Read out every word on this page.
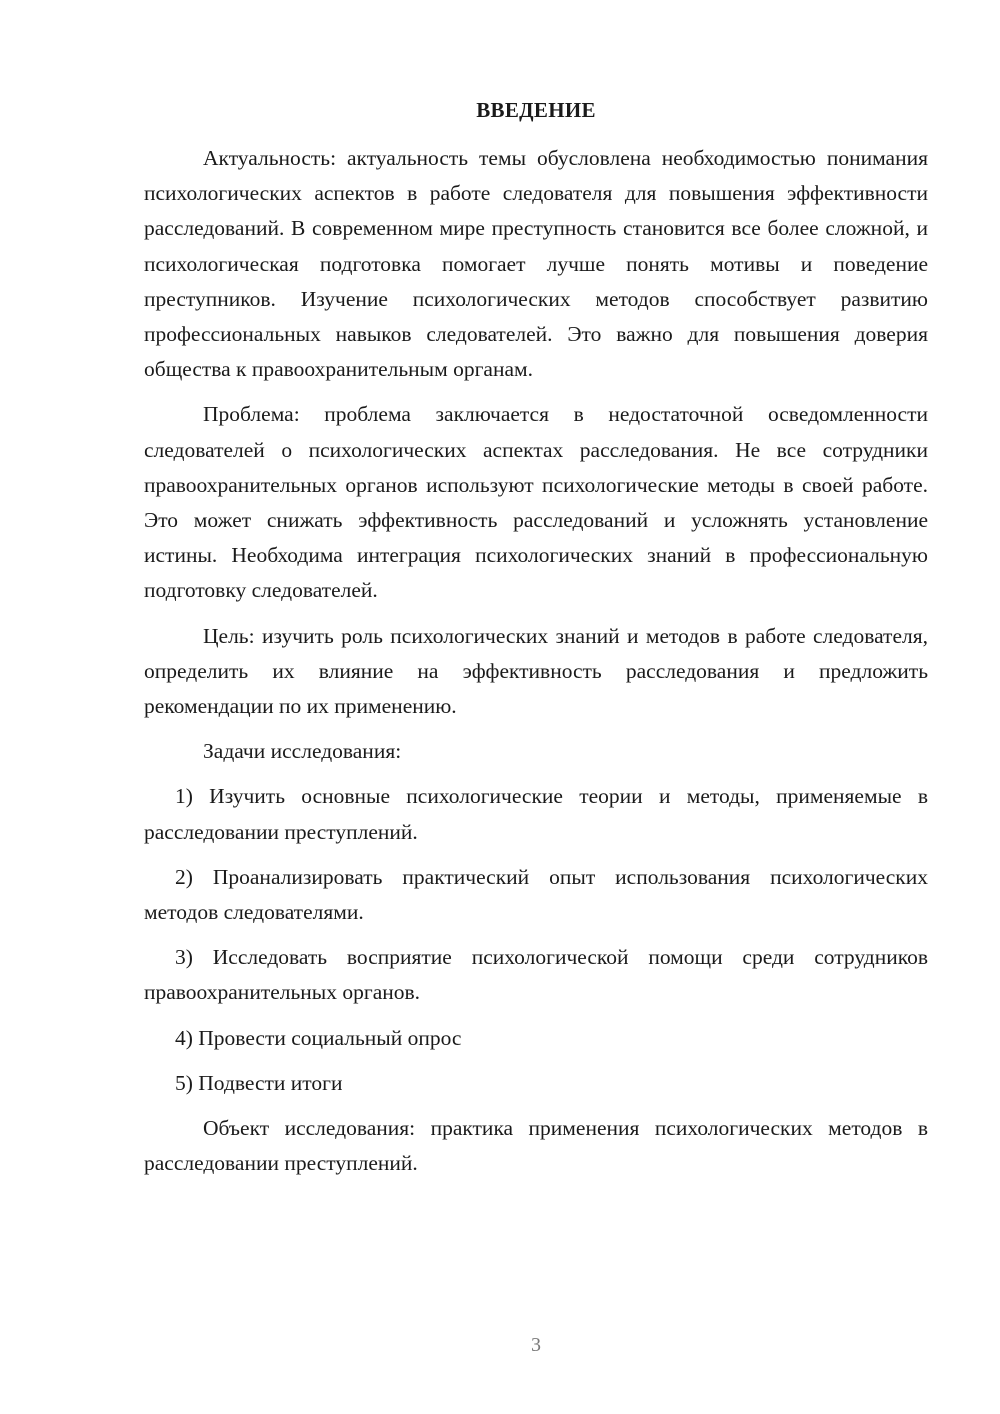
ВВЕДЕНИЕ
Актуальность: актуальность темы обусловлена необходимостью понимания психологических аспектов в работе следователя для повышения эффективности расследований. В современном мире преступность становится все более сложной, и психологическая подготовка помогает лучше понять мотивы и поведение преступников. Изучение психологических методов способствует развитию профессиональных навыков следователей. Это важно для повышения доверия общества к правоохранительным органам.
Проблема: проблема заключается в недостаточной осведомленности следователей о психологических аспектах расследования. Не все сотрудники правоохранительных органов используют психологические методы в своей работе. Это может снижать эффективность расследований и усложнять установление истины. Необходима интеграция психологических знаний в профессиональную подготовку следователей.
Цель: изучить роль психологических знаний и методов в работе следователя, определить их влияние на эффективность расследования и предложить рекомендации по их применению.
Задачи исследования:
1) Изучить основные психологические теории и методы, применяемые в расследовании преступлений.
2) Проанализировать практический опыт использования психологических методов следователями.
3) Исследовать восприятие психологической помощи среди сотрудников правоохранительных органов.
4) Провести социальный опрос
5) Подвести итоги
Объект исследования: практика применения психологических методов в расследовании преступлений.
3
